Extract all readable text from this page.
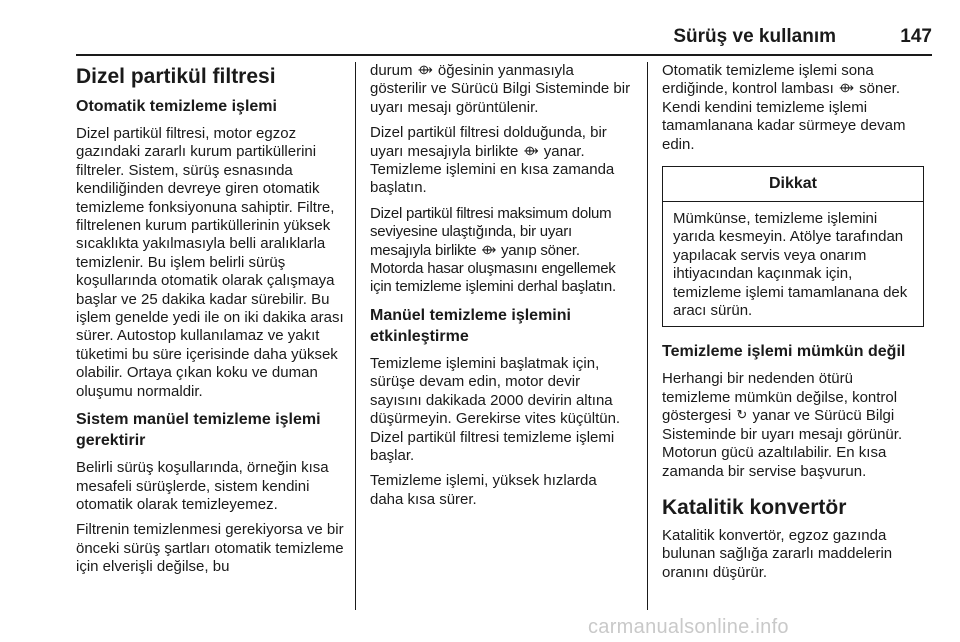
Sürüş ve kullanım	147
Dizel partikül filtresi
Otomatik temizleme işlemi

Dizel partikül filtresi, motor egzoz gazındaki zararlı kurum partiküllerini filtreler. Sistem, sürüş esnasında kendiliğinden devreye giren otomatik temizleme fonksiyonuna sahiptir. Filtre, filtrelenen kurum partiküllerinin yüksek sıcaklıkta yakılmasıyla belli aralıklarla temizlenir. Bu işlem belirli sürüş koşullarında otomatik olarak çalışmaya başlar ve 25 dakika kadar sürebilir. Bu işlem genelde yedi ile on iki dakika arası sürer. Autostop kullanılamaz ve yakıt tüketimi bu süre içerisinde daha yüksek olabilir. Ortaya çıkan koku ve duman oluşumu normaldir.

Sistem manüel temizleme işlemi gerektirir

Belirli sürüş koşullarında, örneğin kısa mesafeli sürüşlerde, sistem kendini otomatik olarak temizleyemez.

Filtrenin temizlenmesi gerekiyorsa ve bir önceki sürüş şartları otomatik temizleme için elverişli değilse, bu

durum ⟴ öğesinin yanmasıyla gösterilir ve Sürücü Bilgi Sisteminde bir uyarı mesajı görüntülenir.

Dizel partikül filtresi dolduğunda, bir uyarı mesajıyla birlikte ⟴ yanar. Temizleme işlemini en kısa zamanda başlatın.

Dizel partikül filtresi maksimum dolum seviyesine ulaştığında, bir uyarı mesajıyla birlikte ⟴ yanıp söner. Motorda hasar oluşmasını engellemek için temizleme işlemini derhal başlatın.

Manüel temizleme işlemini etkinleştirme

Temizleme işlemini başlatmak için, sürüşe devam edin, motor devir sayısını dakikada 2000 devirin altına düşürmeyin. Gerekirse vites küçültün. Dizel partikül filtresi temizleme işlemi başlar.

Temizleme işlemi, yüksek hızlarda daha kısa sürer.

Otomatik temizleme işlemi sona erdiğinde, kontrol lambası ⟴ söner. Kendi kendini temizleme işlemi tamamlanana kadar sürmeye devam edin.

Dikkat

Mümkünse, temizleme işlemini yarıda kesmeyin. Atölye tarafından yapılacak servis veya onarım ihtiyacından kaçınmak için, temizleme işlemi tamamlanana dek aracı sürün.

Temizleme işlemi mümkün değil

Herhangi bir nedenden ötürü temizleme mümkün değilse, kontrol göstergesi ↻ yanar ve Sürücü Bilgi Sisteminde bir uyarı mesajı görünür. Motorun gücü azaltılabilir. En kısa zamanda bir servise başvurun.

Katalitik konvertör

Katalitik konvertör, egzoz gazında bulunan sağlığa zararlı maddelerin oranını düşürür.

carmanualsonline.info
